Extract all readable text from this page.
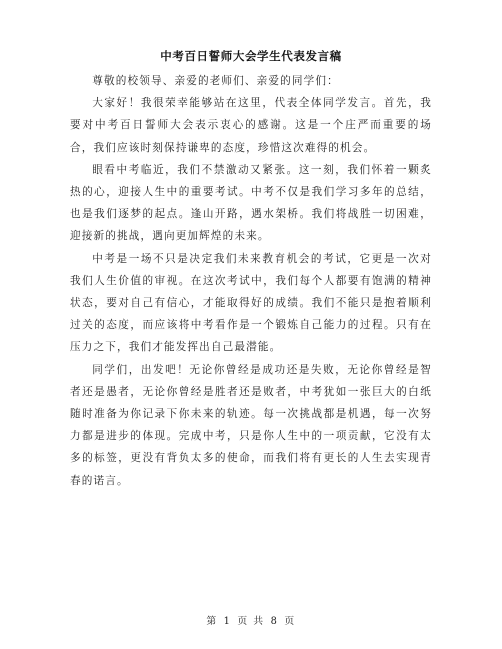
中考百日誓师大会学生代表发言稿

尊敬的校领导、亲爱的老师们、亲爱的同学们：

大家好！我很荣幸能够站在这里，代表全体同学发言。首先，我要对中考百日誓师大会表示衷心的感谢。这是一个庄严而重要的场合，我们应该时刻保持谦卑的态度，珍惜这次难得的机会。

眼看中考临近，我们不禁激动又紧张。这一刻，我们怀着一颗炙热的心，迎接人生中的重要考试。中考不仅是我们学习多年的总结，也是我们逐梦的起点。逢山开路，遇水架桥。我们将战胜一切困难，迎接新的挑战，遇向更加辉煌的未来。

中考是一场不只是决定我们未来教育机会的考试，它更是一次对我们人生价值的审视。在这次考试中，我们每个人都要有饱满的精神状态，要对自己有信心，才能取得好的成绩。我们不能只是抱着顺利过关的态度，而应该将中考看作是一个锻炼自己能力的过程。只有在压力之下，我们才能发挥出自己最潜能。

同学们，出发吧！无论你曾经是成功还是失败，无论你曾经是智者还是愚者，无论你曾经是胜者还是败者，中考犹如一张巨大的白纸随时准备为你记录下你未来的轨迹。每一次挑战都是机遇，每一次努力都是进步的体现。完成中考，只是你人生中的一项贡献，它没有太多的标签，更没有背负太多的使命，而我们将有更长的人生去实现青春的诺言。

第 1 页 共 8 页
